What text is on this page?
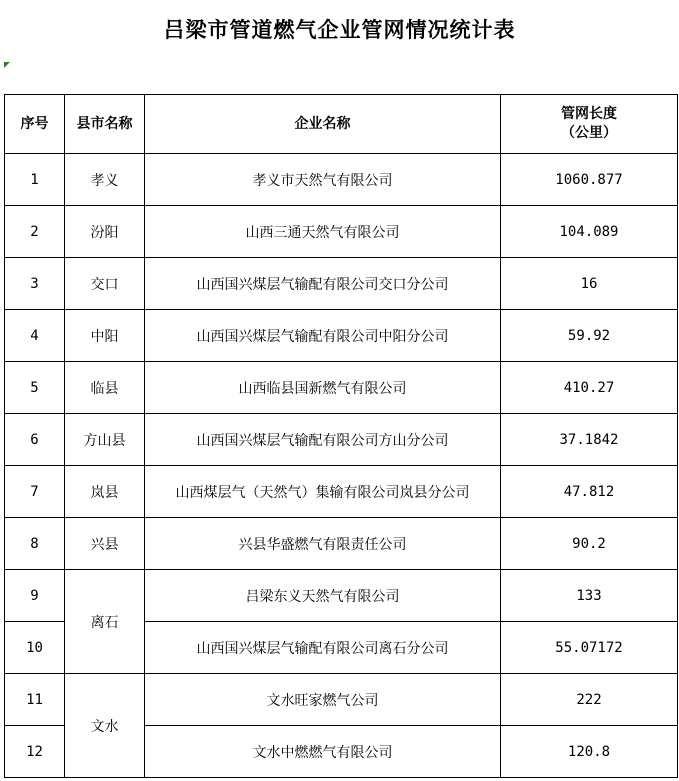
吕梁市管道燃气企业管网情况统计表
序号	县市名称	企业名称	管网长度
（公里）

1	孝义	孝义市天然气有限公司	1060.877
2	汾阳	山西三通天然气有限公司	104.089
3	交口	山西国兴煤层气输配有限公司交口分公司	16
4	中阳	山西国兴煤层气输配有限公司中阳分公司	59.92
5	临县	山西临县国新燃气有限公司	410.27
6	方山县	山西国兴煤层气输配有限公司方山分公司	37.1842
7	岚县	山西煤层气（天然气）集输有限公司岚县分公司	47.812
8	兴县	兴县华盛燃气有限责任公司	90.2
9	离石	吕梁东义天然气有限公司	133
10		山西国兴煤层气输配有限公司离石分公司	55.07172
11	文水	文水旺家燃气公司	222
12		文水中燃燃气有限公司	120.8
